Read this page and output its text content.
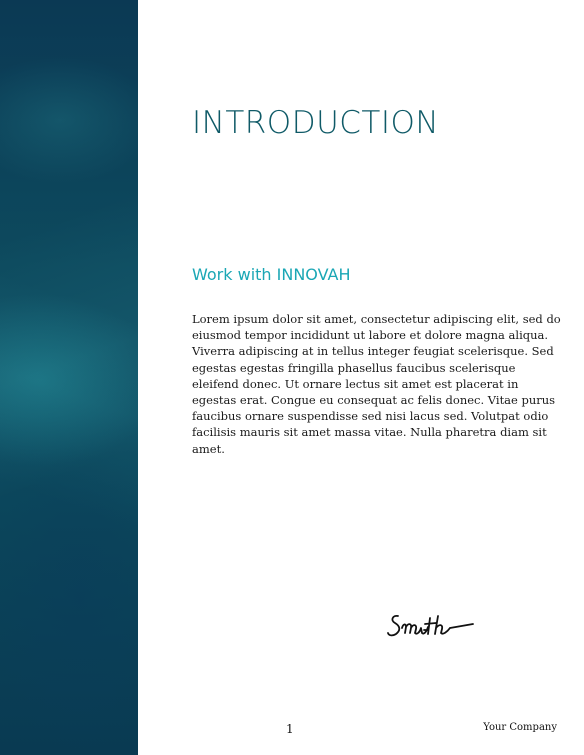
INTRODUCTION
Work with INNOVAH

Lorem ipsum dolor sit amet, consectetur adipiscing elit, sed do eiusmod tempor incididunt ut labore et dolore magna aliqua. Viverra adipiscing at in tellus integer feugiat scelerisque. Sed egestas egestas fringilla phasellus faucibus scelerisque eleifend donec. Ut ornare lectus sit amet est placerat in egestas erat. Congue eu consequat ac felis donec. Vitae purus faucibus ornare suspendisse sed nisi lacus sed. Volutpat odio facilisis mauris sit amet massa vitae. Nulla pharetra diam sit amet.

1	Your Company
